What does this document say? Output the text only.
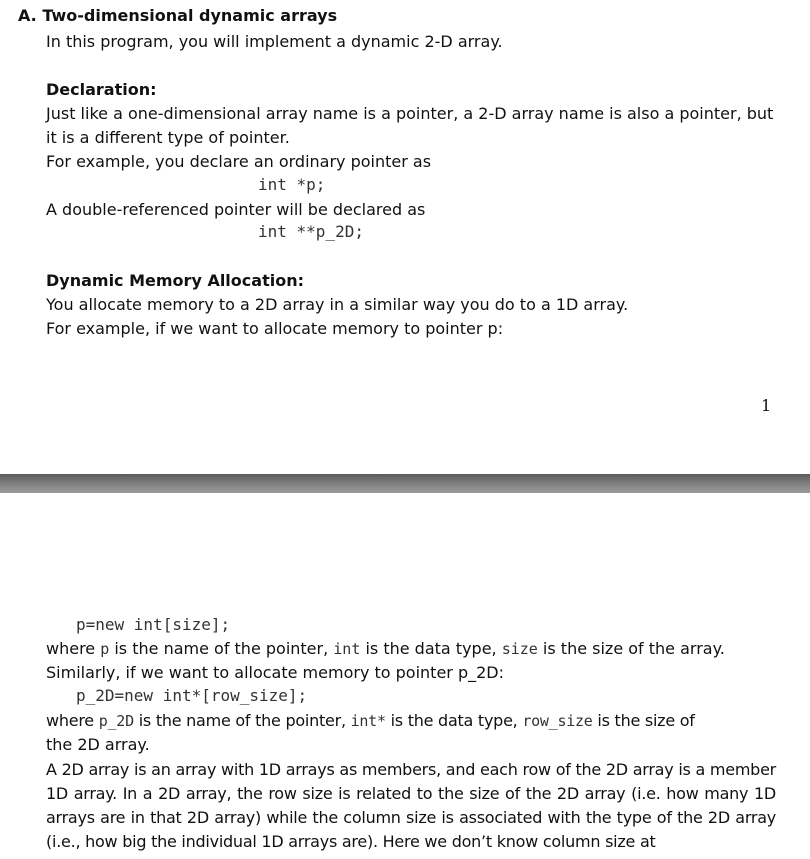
A. Two-dimensional dynamic arrays
In this program, you will implement a dynamic 2-D array.
Declaration:
Just like a one-dimensional array name is a pointer, a 2-D array name is also a pointer, but
it is a different type of pointer.
For example, you declare an ordinary pointer as
int *p;
A double-referenced pointer will be declared as
int **p_2D;
Dynamic Memory Allocation:
You allocate memory to a 2D array in a similar way you do to a 1D array.
For example, if we want to allocate memory to pointer p:
1
p=new int[size];
where p is the name of the pointer, int is the data type, size is the size of the array.
Similarly, if we want to allocate memory to pointer p_2D:
p_2D=new int*[row_size];
where p_2D is the name of the pointer, int* is the data type, row_size is the size of
the 2D array.
A 2D array is an array with 1D arrays as members, and each row of the 2D array is a member 1D array. In a 2D array, the row size is related to the size of the 2D array (i.e. how many 1D arrays are in that 2D array) while the column size is associated with the type of the 2D array (i.e., how big the individual 1D arrays are). Here we don’t know column size at
